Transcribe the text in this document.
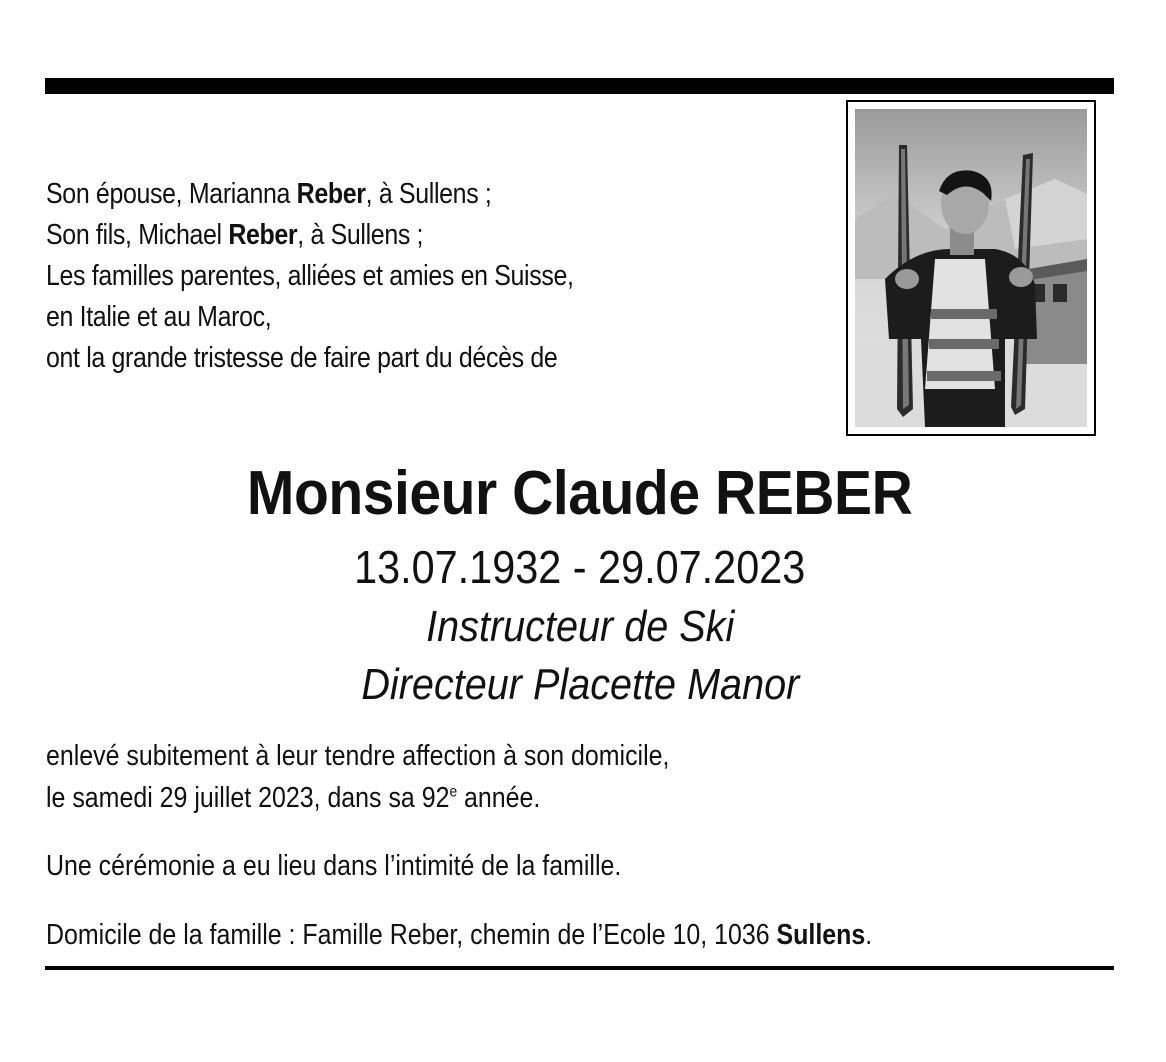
Son épouse, Marianna Reber, à Sullens ;
Son fils, Michael Reber, à Sullens ;
Les familles parentes, alliées et amies en Suisse,
en Italie et au Maroc,
ont la grande tristesse de faire part du décès de
Monsieur Claude REBER
13.07.1932 - 29.07.2023
Instructeur de Ski
Directeur Placette Manor
enlevé subitement à leur tendre affection à son domicile,
le samedi 29 juillet 2023, dans sa 92e année.
Une cérémonie a eu lieu dans l’intimité de la famille.
Domicile de la famille : Famille Reber, chemin de l’Ecole 10, 1036 Sullens.
